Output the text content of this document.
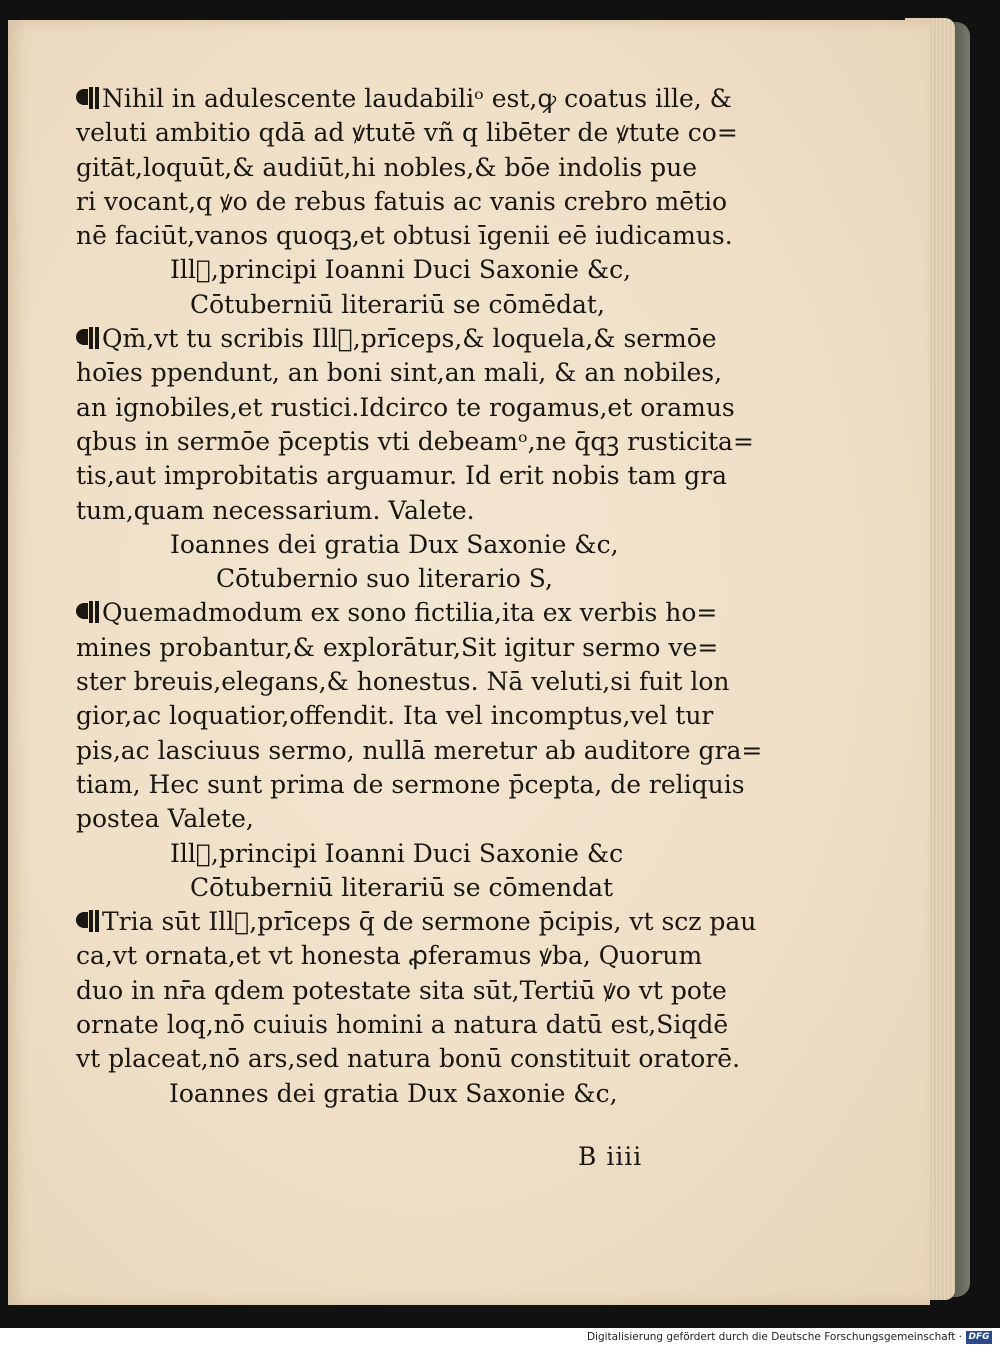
Nihil in adulescente laudabiliᵒ est,ꝙ coatus ille, &
veluti ambitio qdā ad ꝟtutē vñ q libēter de ꝟtute co=
gitāt,loquūt,& audiūt,hi nobles,& bōe indolis pue
ri vocant,q ꝟo de rebus fatuis ac vanis crebro mētio
nē faciūt,vanos quoqꝫ,et obtusi īgenii eē iudicamus.
Illᷓ,principi Ioanni Duci Saxonie &c,
Cōtuberniū literariū se cōmēdat,
Qm̄,vt tu scribis Illᷓ,prīceps,& loquela,& sermōe
hoīes ppendunt, an boni sint,an mali, & an nobiles,
an ignobiles,et rustici.Idcirco te rogamus,et oramus
qbus in sermōe p̄ceptis vti debeamᵒ,ne q̄qꝫ rusticita=
tis,aut improbitatis arguamur. Id erit nobis tam gra
tum,quam necessarium. Valete.
Ioannes dei gratia Dux Saxonie &c,
Cōtubernio suo literario S,
Quemadmodum ex sono fictilia,ita ex verbis ho=
mines probantur,& explorātur,Sit igitur sermo ve=
ster breuis,elegans,& honestus. Nā veluti,si fuit lon
gior,ac loquatior,offendit. Ita vel incomptus,vel tur
pis,ac lasciuus sermo, nullā meretur ab auditore gra=
tiam, Hec sunt prima de sermone p̄cepta, de reliquis
postea Valete,
Illᷓ,principi Ioanni Duci Saxonie &c
Cōtuberniū literariū se cōmendat
Tria sūt Illᷓ,prīceps q̄ de sermone p̄cipis, vt scz pau
ca,vt ornata,et vt honesta ꝓferamus ꝟba, Quorum
duo in nr̄a qdem potestate sita sūt,Tertiū ꝟo vt pote
ornate loq,nō cuiuis homini a natura datū est,Siqdē
vt placeat,nō ars,sed natura bonū constituit oratorē.
Ioannes dei gratia Dux Saxonie &c,
B iiii
Digitalisierung gefördert durch die Deutsche Forschungsgemeinschaft · DFG
